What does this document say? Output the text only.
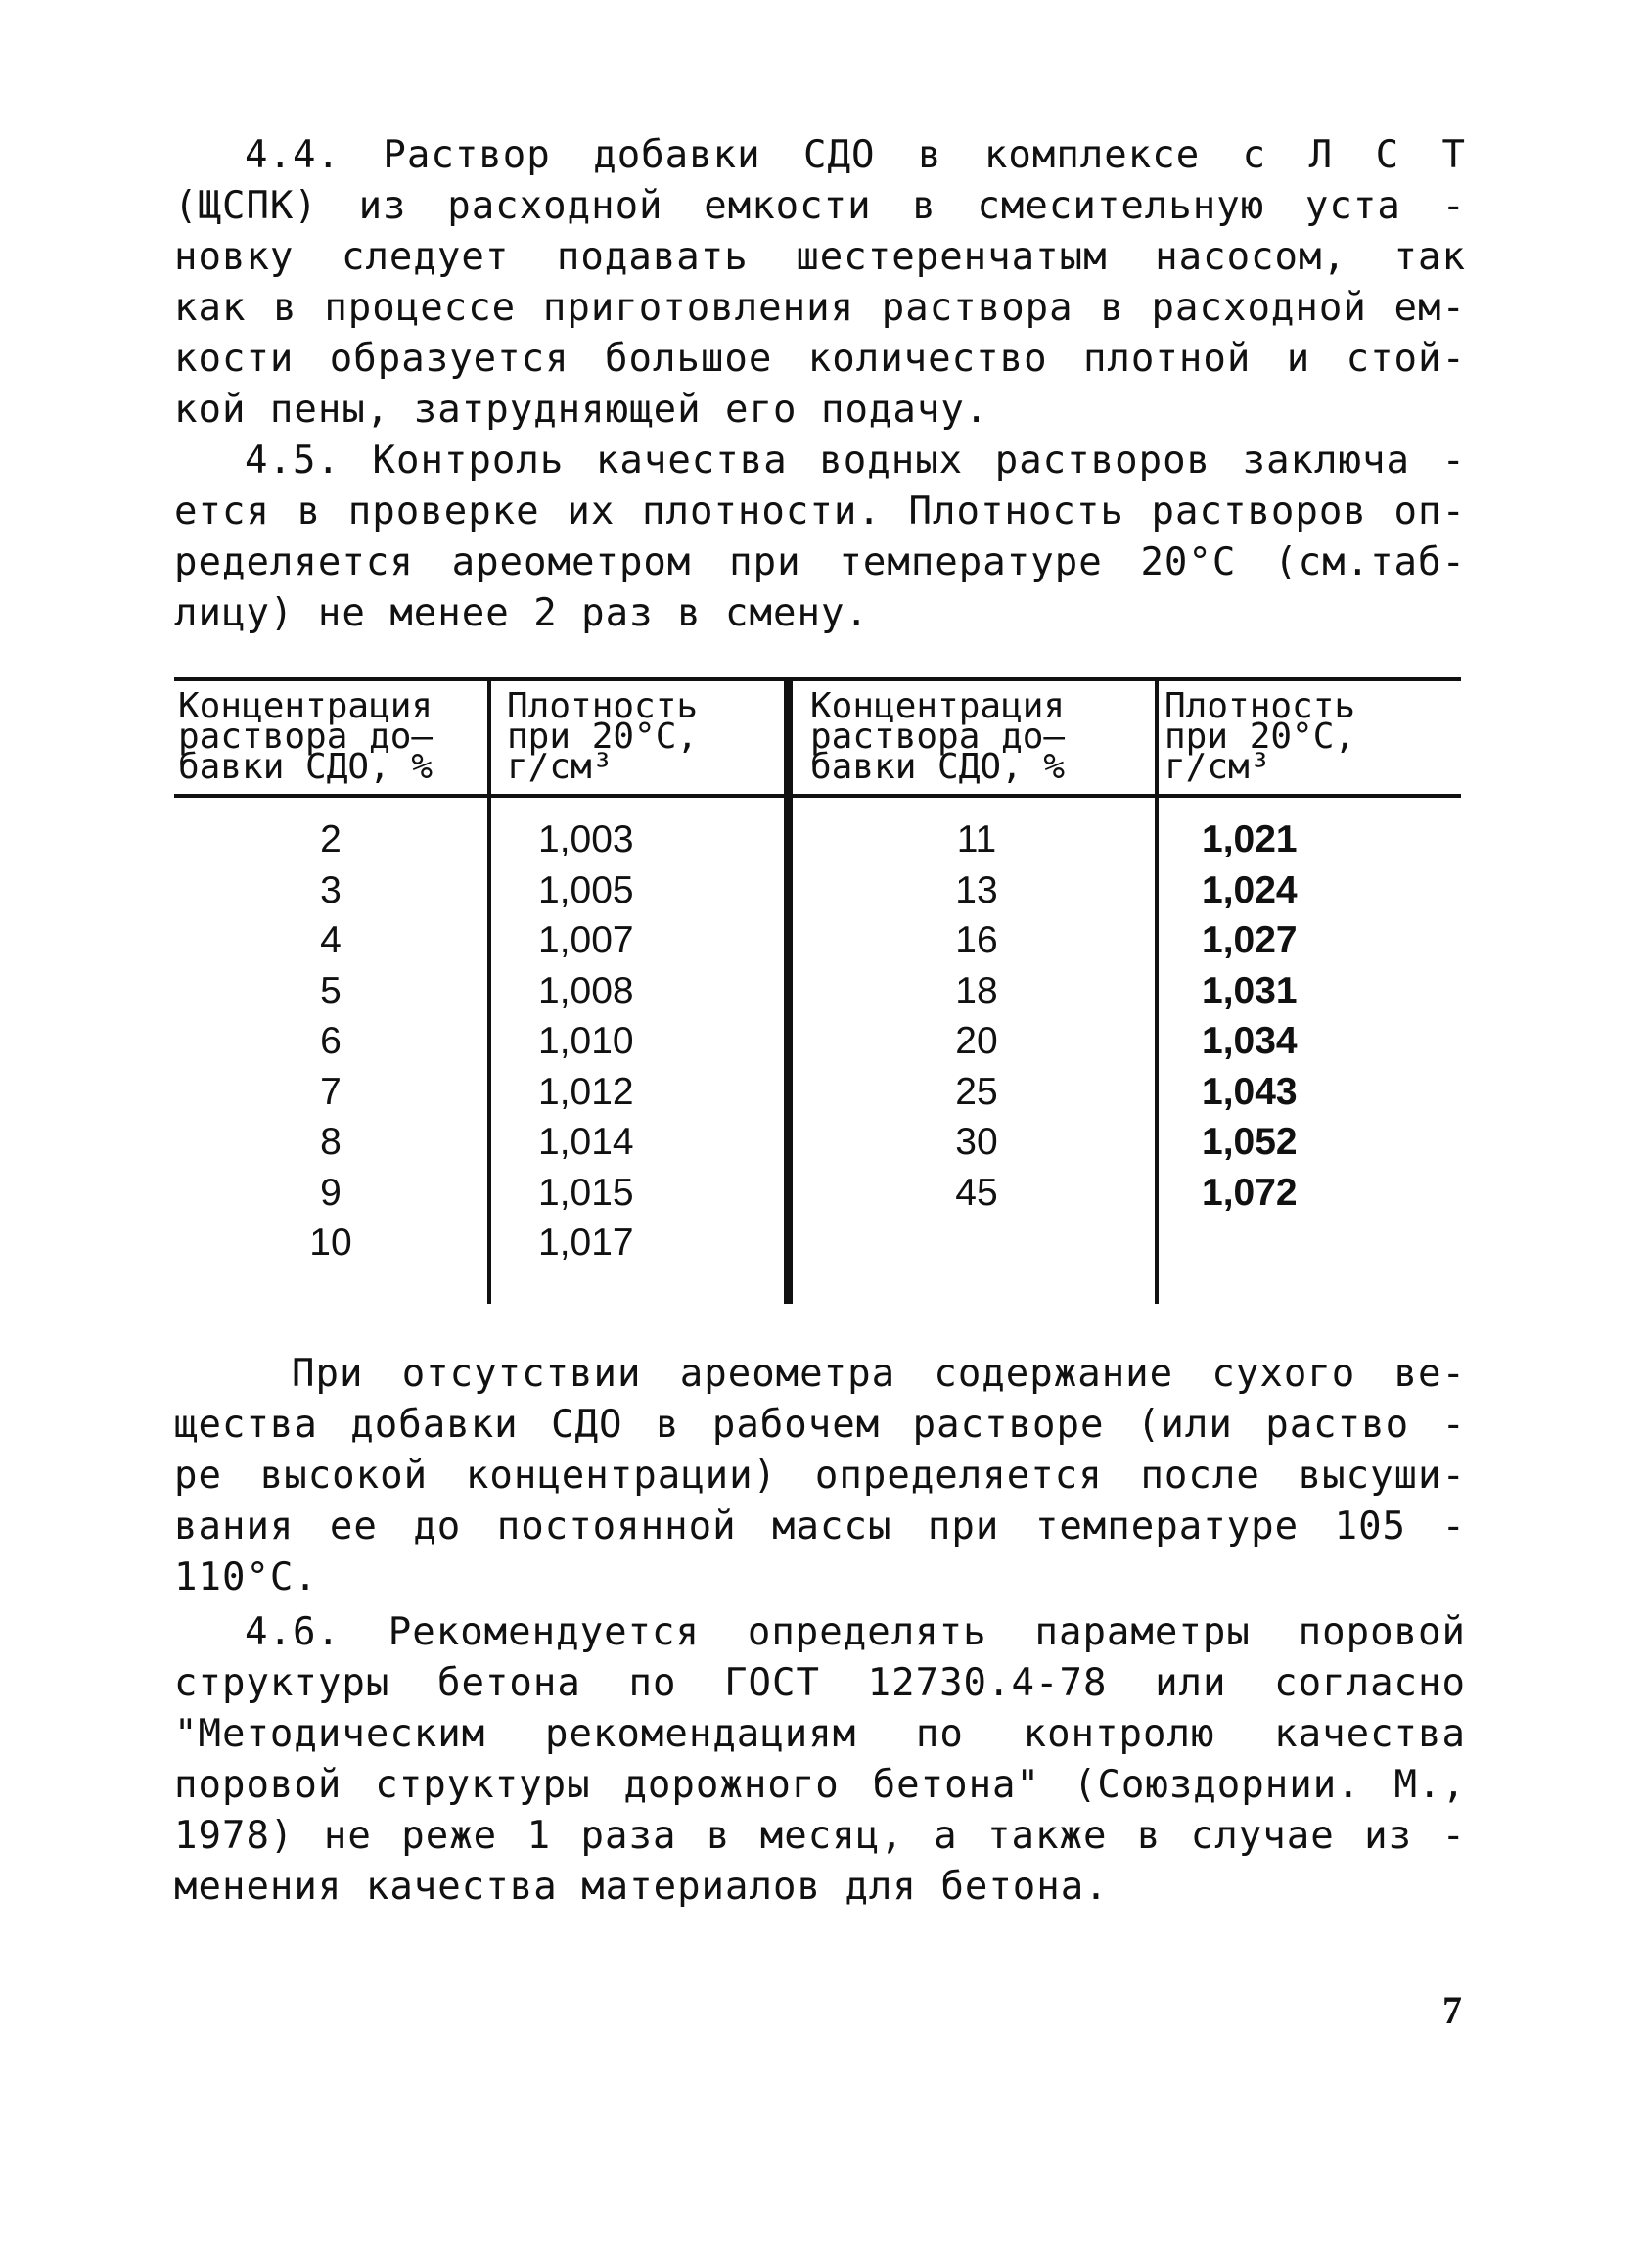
4.4. Раствор добавки СДО в комплексе с Л С Т
(ЩСПК) из расходной емкости в смесительную уста -
новку следует подавать шестеренчатым насосом, так
как в процессе приготовления раствора в расходной ем-
кости образуется большое количество плотной и стой-
кой пены, затрудняющей его подачу.
4.5. Контроль качества водных растворов заключа -
ется в проверке их плотности. Плотность растворов оп-
ределяется ареометром при температуре 20°С (см.таб-
лицу) не менее 2 раз в смену.
Концентрация
раствора до–
бавки СДО, %
Плотность
при 20°С,
г/см³
Концентрация
раствора до–
бавки СДО, %
Плотность
при 20°С,
г/см³
2
3
4
5
6
7
8
9
10
1,003
1,005
1,007
1,008
1,010
1,012
1,014
1,015
1,017
11
13
16
18
20
25
30
45
1,021
1,024
1,027
1,031
1,034
1,043
1,052
1,072
При отсутствии ареометра содержание сухого ве-
щества добавки СДО в рабочем растворе (или раство -
ре высокой концентрации) определяется после высуши-
вания ее до постоянной массы при температуре 105 -
110°С.
4.6. Рекомендуется определять параметры поровой
структуры бетона по ГОСТ 12730.4-78 или согласно
"Методическим рекомендациям по контролю качества
поровой структуры дорожного бетона" (Союздорнии. М.,
1978) не реже 1 раза в месяц, а также в случае из -
менения качества материалов для бетона.
7
